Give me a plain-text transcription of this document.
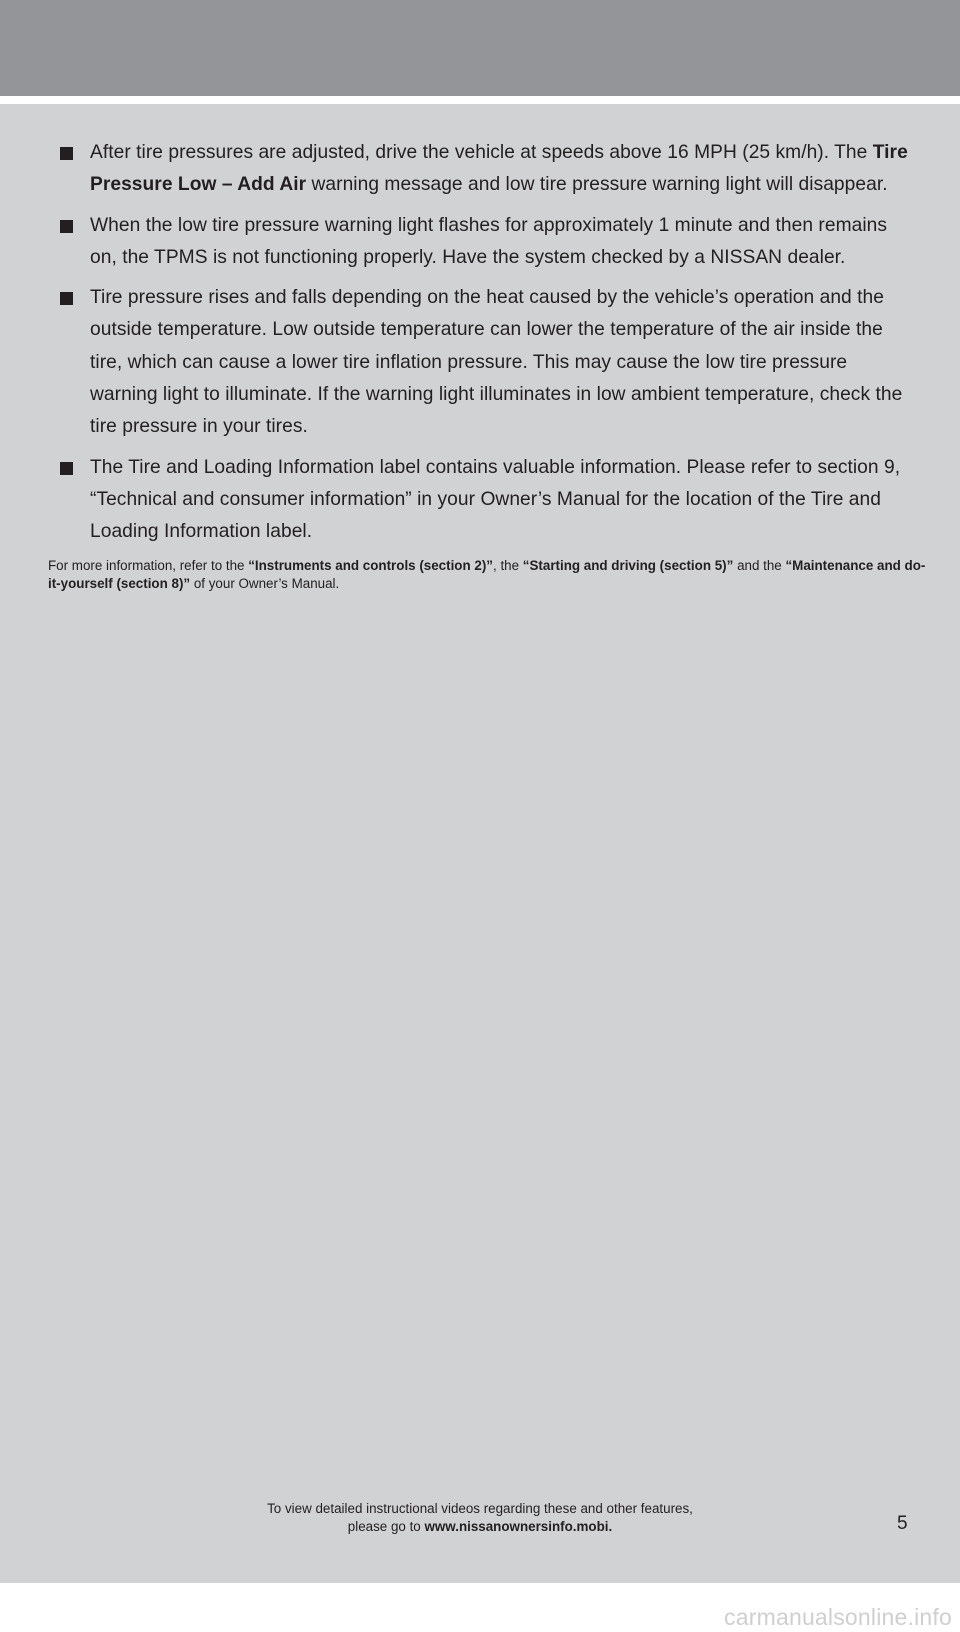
After tire pressures are adjusted, drive the vehicle at speeds above 16 MPH (25 km/h). The Tire Pressure Low – Add Air warning message and low tire pressure warning light will disappear.
When the low tire pressure warning light flashes for approximately 1 minute and then remains on, the TPMS is not functioning properly. Have the system checked by a NISSAN dealer.
Tire pressure rises and falls depending on the heat caused by the vehicle’s operation and the outside temperature. Low outside temperature can lower the temperature of the air inside the tire, which can cause a lower tire inflation pressure. This may cause the low tire pressure warning light to illuminate. If the warning light illuminates in low ambient temperature, check the tire pressure in your tires.
The Tire and Loading Information label contains valuable information. Please refer to section 9, “Technical and consumer information” in your Owner’s Manual for the location of the Tire and Loading Information label.

For more information, refer to the “Instruments and controls (section 2)”, the “Starting and driving (section 5)” and the “Maintenance and do-it-yourself (section 8)” of your Owner’s Manual.

To view detailed instructional videos regarding these and other features,
please go to www.nissanownersinfo.mobi.	5
carmanualsonline.info
